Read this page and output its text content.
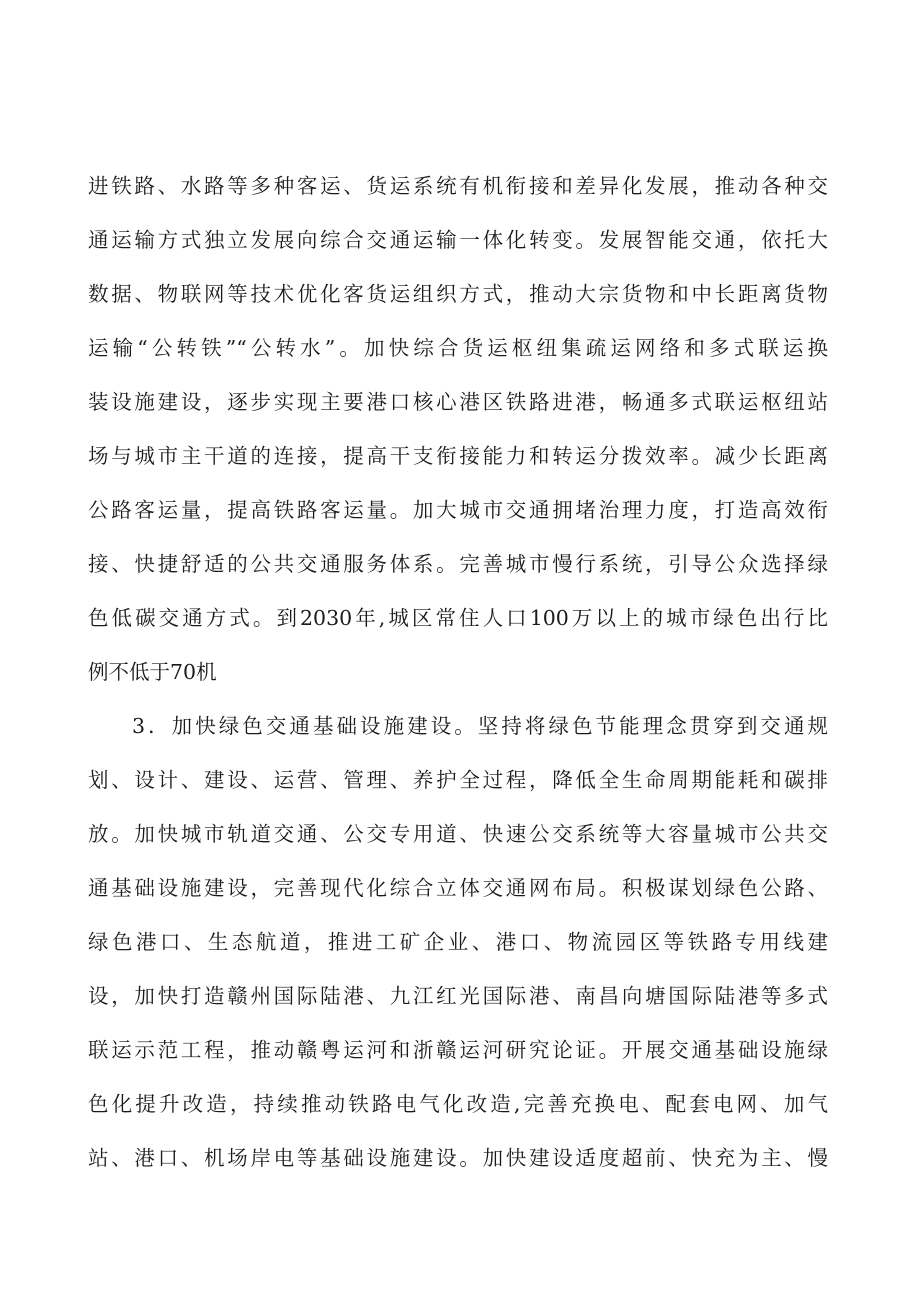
进铁路、水路等多种客运、货运系统有机衔接和差异化发展，推动各种交
通运输方式独立发展向综合交通运输一体化转变。发展智能交通，依托大
数据、物联网等技术优化客货运组织方式，推动大宗货物和中长距离货物
运输“公转铁”“公转水”。加快综合货运枢纽集疏运网络和多式联运换
装设施建设，逐步实现主要港口核心港区铁路进港，畅通多式联运枢纽站
场与城市主干道的连接，提高干支衔接能力和转运分拨效率。减少长距离
公路客运量，提高铁路客运量。加大城市交通拥堵治理力度，打造高效衔
接、快捷舒适的公共交通服务体系。完善城市慢行系统，引导公众选择绿
色低碳交通方式。到2030年,城区常住人口100万以上的城市绿色出行比
例不低于70机
3．加快绿色交通基础设施建设。坚持将绿色节能理念贯穿到交通规
划、设计、建设、运营、管理、养护全过程，降低全生命周期能耗和碳排
放。加快城市轨道交通、公交专用道、快速公交系统等大容量城市公共交
通基础设施建设，完善现代化综合立体交通网布局。积极谋划绿色公路、
绿色港口、生态航道，推进工矿企业、港口、物流园区等铁路专用线建
设，加快打造赣州国际陆港、九江红光国际港、南昌向塘国际陆港等多式
联运示范工程，推动赣粤运河和浙赣运河研究论证。开展交通基础设施绿
色化提升改造，持续推动铁路电气化改造,完善充换电、配套电网、加气
站、港口、机场岸电等基础设施建设。加快建设适度超前、快充为主、慢
